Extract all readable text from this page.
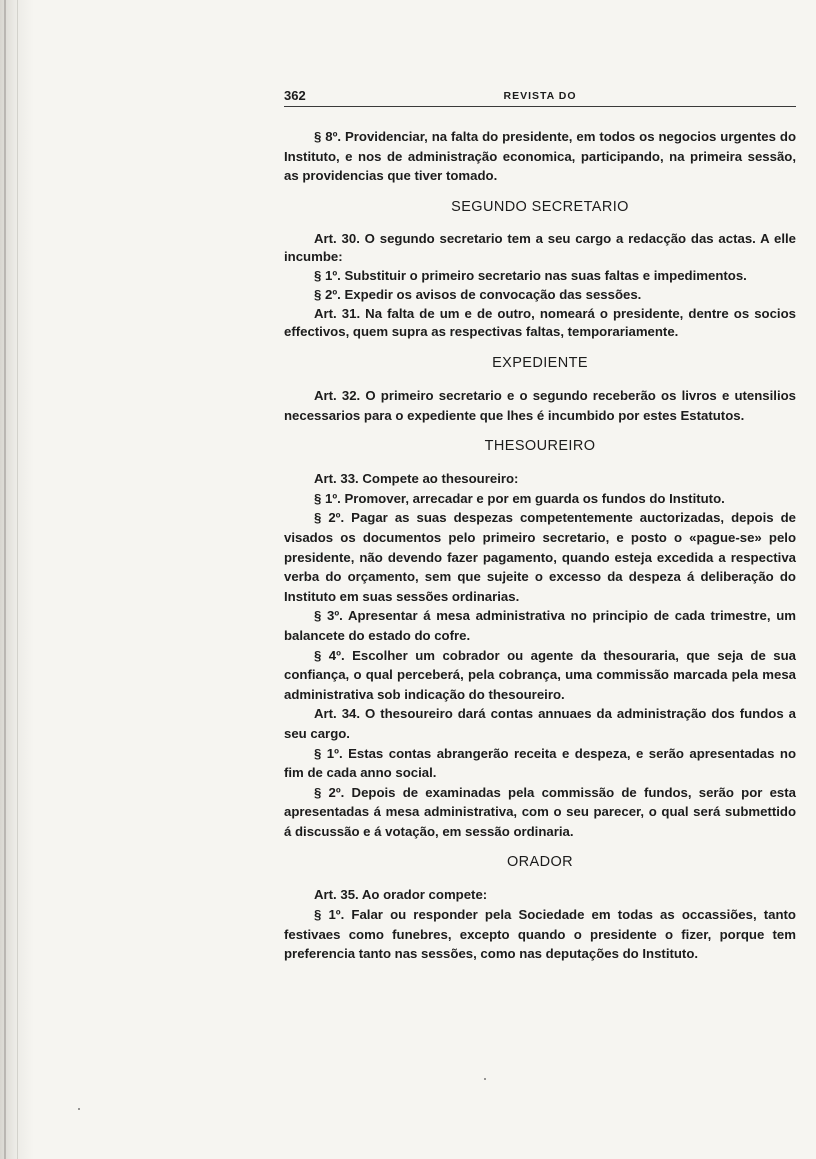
362	REVISTA DO

§ 8º. Providenciar, na falta do presidente, em todos os negocios urgentes do Instituto, e nos de administração economica, participando, na primeira sessão, as providencias que tiver tomado.

SEGUNDO SECRETARIO

Art. 30. O segundo secretario tem a seu cargo a redacção das actas. A elle incumbe:

§ 1º. Substituir o primeiro secretario nas suas faltas e impedimentos.

§ 2º. Expedir os avisos de convocação das sessões.

Art. 31. Na falta de um e de outro, nomeará o presidente, dentre os socios effectivos, quem supra as respectivas faltas, temporariamente.

EXPEDIENTE

Art. 32. O primeiro secretario e o segundo receberão os livros e utensilios necessarios para o expediente que lhes é incumbido por estes Estatutos.

THESOUREIRO

Art. 33. Compete ao thesoureiro:

§ 1º. Promover, arrecadar e por em guarda os fundos do Instituto.

§ 2º. Pagar as suas despezas competentemente auctorizadas, depois de visados os documentos pelo primeiro secretario, e posto o «pague-se» pelo presidente, não devendo fazer pagamento, quando esteja excedida a respectiva verba do orçamento, sem que sujeite o excesso da despeza á deliberação do Instituto em suas sessões ordinarias.

§ 3º. Apresentar á mesa administrativa no principio de cada trimestre, um balancete do estado do cofre.

§ 4º. Escolher um cobrador ou agente da thesouraria, que seja de sua confiança, o qual perceberá, pela cobrança, uma commissão marcada pela mesa administrativa sob indicação do thesoureiro.

Art. 34. O thesoureiro dará contas annuaes da administração dos fundos a seu cargo.

§ 1º. Estas contas abrangerão receita e despeza, e serão apresentadas no fim de cada anno social.

§ 2º. Depois de examinadas pela commissão de fundos, serão por esta apresentadas á mesa administrativa, com o seu parecer, o qual será submettido á discussão e á votação, em sessão ordinaria.

ORADOR

Art. 35. Ao orador compete:

§ 1º. Falar ou responder pela Sociedade em todas as occassiões, tanto festivaes como funebres, excepto quando o presidente o fizer, porque tem preferencia tanto nas sessões, como nas deputações do Instituto.
